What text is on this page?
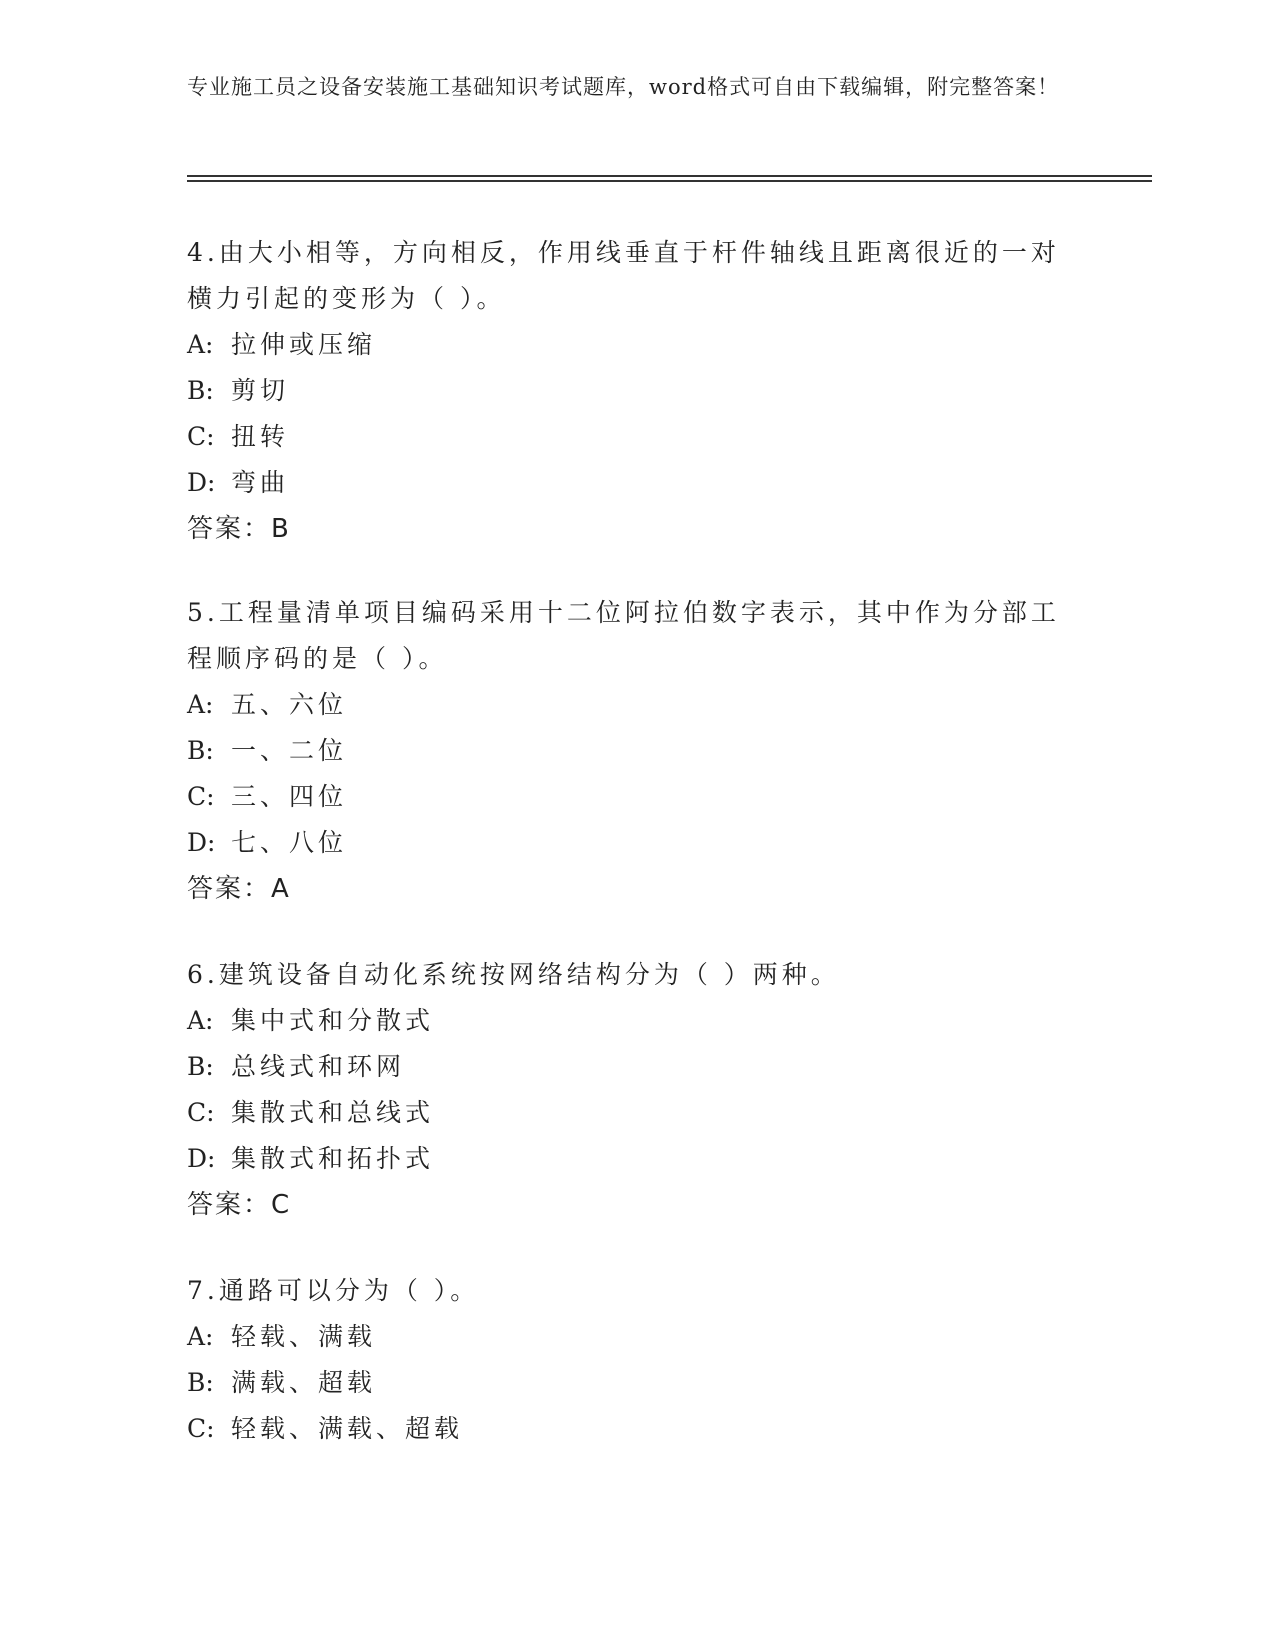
专业施工员之设备安装施工基础知识考试题库，word格式可自由下载编辑，附完整答案！

4.由大小相等，方向相反，作用线垂直于杆件轴线且距离很近的一对横力引起的变形为（ ）。

A: 拉伸或压缩

B: 剪切

C: 扭转

D: 弯曲

答案：B

5.工程量清单项目编码采用十二位阿拉伯数字表示，其中作为分部工程顺序码的是（ ）。

A: 五、六位

B: 一、二位

C: 三、四位

D: 七、八位

答案：A

6.建筑设备自动化系统按网络结构分为（ ）两种。

A: 集中式和分散式

B: 总线式和环网

C: 集散式和总线式

D: 集散式和拓扑式

答案：C

7.通路可以分为（ ）。

A: 轻载、满载

B: 满载、超载

C: 轻载、满载、超载
